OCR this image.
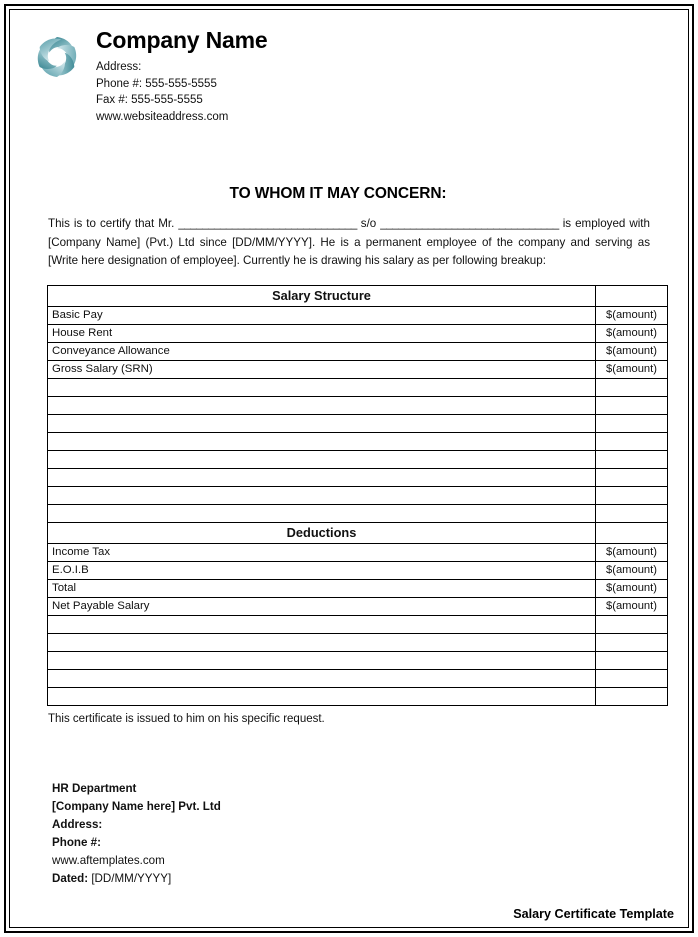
Company Name
Address:
Phone #: 555-555-5555
Fax #: 555-555-5555
www.websiteaddress.com
TO WHOM IT MAY CONCERN:
This is to certify that Mr. ______________________________ s/o ______________________________ is employed with [Company Name] (Pvt.) Ltd since [DD/MM/YYYY]. He is a permanent employee of the company and serving as [Write here designation of employee]. Currently he is drawing his salary as per following breakup:
Salary Structure	
Basic Pay	$(amount)
House Rent	$(amount)
Conveyance Allowance	$(amount)
Gross Salary (SRN)	$(amount)

Deductions	
Income Tax	$(amount)
E.O.I.B	$(amount)
Total	$(amount)
Net Payable Salary	$(amount)

This certificate is issued to him on his specific request.
HR Department
[Company Name here] Pvt. Ltd
Address:
Phone #:
www.aftemplates.com
Dated: [DD/MM/YYYY]
Salary Certificate Template
